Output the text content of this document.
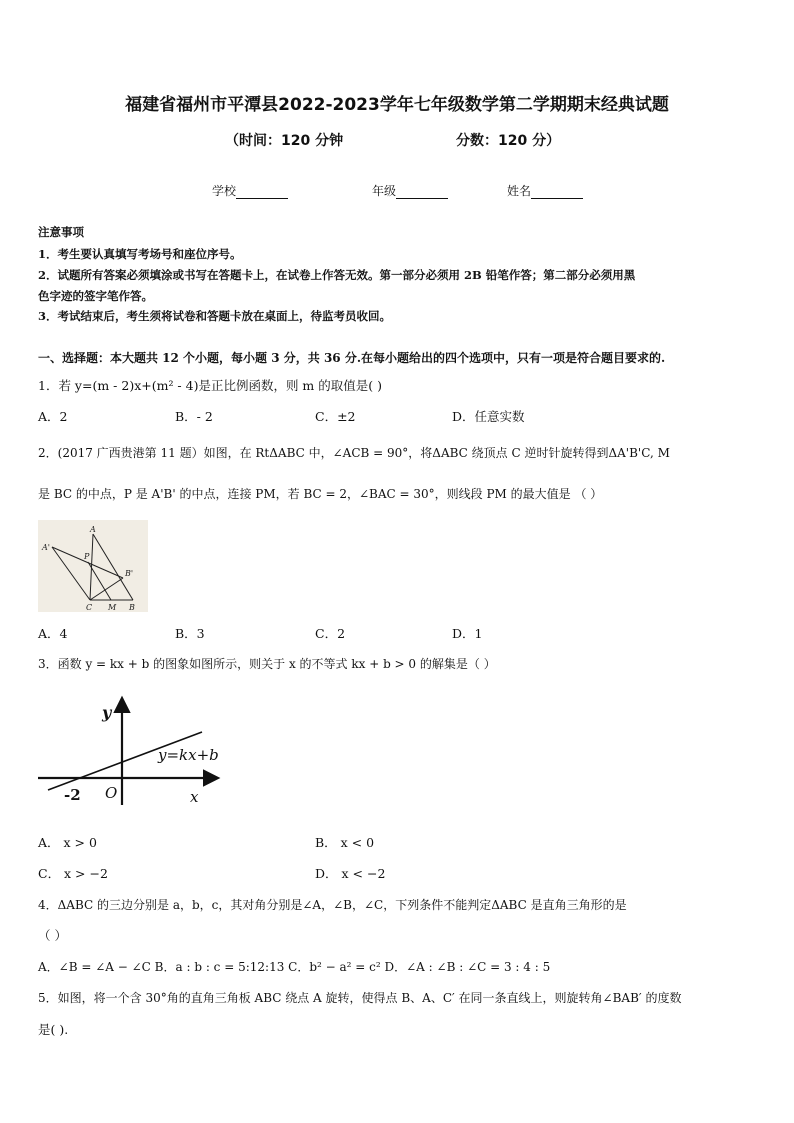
福建省福州市平潭县2022-2023学年七年级数学第二学期期末经典试题
（时间：120 分钟	分数：120 分）
学校	年级	姓名
注意事项
1．考生要认真填写考场号和座位序号。
2．试题所有答案必须填涂或书写在答题卡上，在试卷上作答无效。第一部分必须用 2B 铅笔作答；第二部分必须用黑
色字迹的签字笔作答。
3．考试结束后，考生须将试卷和答题卡放在桌面上，待监考员收回。
一、选择题：本大题共 12 个小题，每小题 3 分，共 36 分.在每小题给出的四个选项中，只有一项是符合题目要求的.
1．若 y=(m - 2)x+(m² - 4)是正比例函数，则 m 的取值是( )
A．2	B．- 2	C．±2	D．任意实数
2．(2017 广西贵港第 11 题）如图，在 RtΔABC 中，∠ACB = 90°，将ΔABC 绕顶点 C 逆时针旋转得到ΔA'B'C, M
是 BC 的中点，P 是 A'B' 的中点，连接 PM，若 BC = 2，∠BAC = 30°，则线段 PM 的最大值是 （ ）
A
A'
P
B'
C M B
A．4	B．3	C．2	D．1
3．函数 y = kx + b 的图象如图所示，则关于 x 的不等式 kx + b > 0 的解集是（ ）
y
x
O
-2
y=kx+b
A． x > 0	B． x < 0
C． x > −2	D． x < −2
4．ΔABC 的三边分别是 a，b，c，其对角分别是∠A，∠B，∠C，下列条件不能判定ΔABC 是直角三角形的是
（ ）
A．∠B = ∠A − ∠C B．a : b : c = 5:12:13 C．b² − a² = c² D．∠A : ∠B : ∠C = 3 : 4 : 5
5．如图，将一个含 30°角的直角三角板 ABC 绕点 A 旋转，使得点 B、A、C′ 在同一条直线上，则旋转角∠BAB′ 的度数
是( ).
